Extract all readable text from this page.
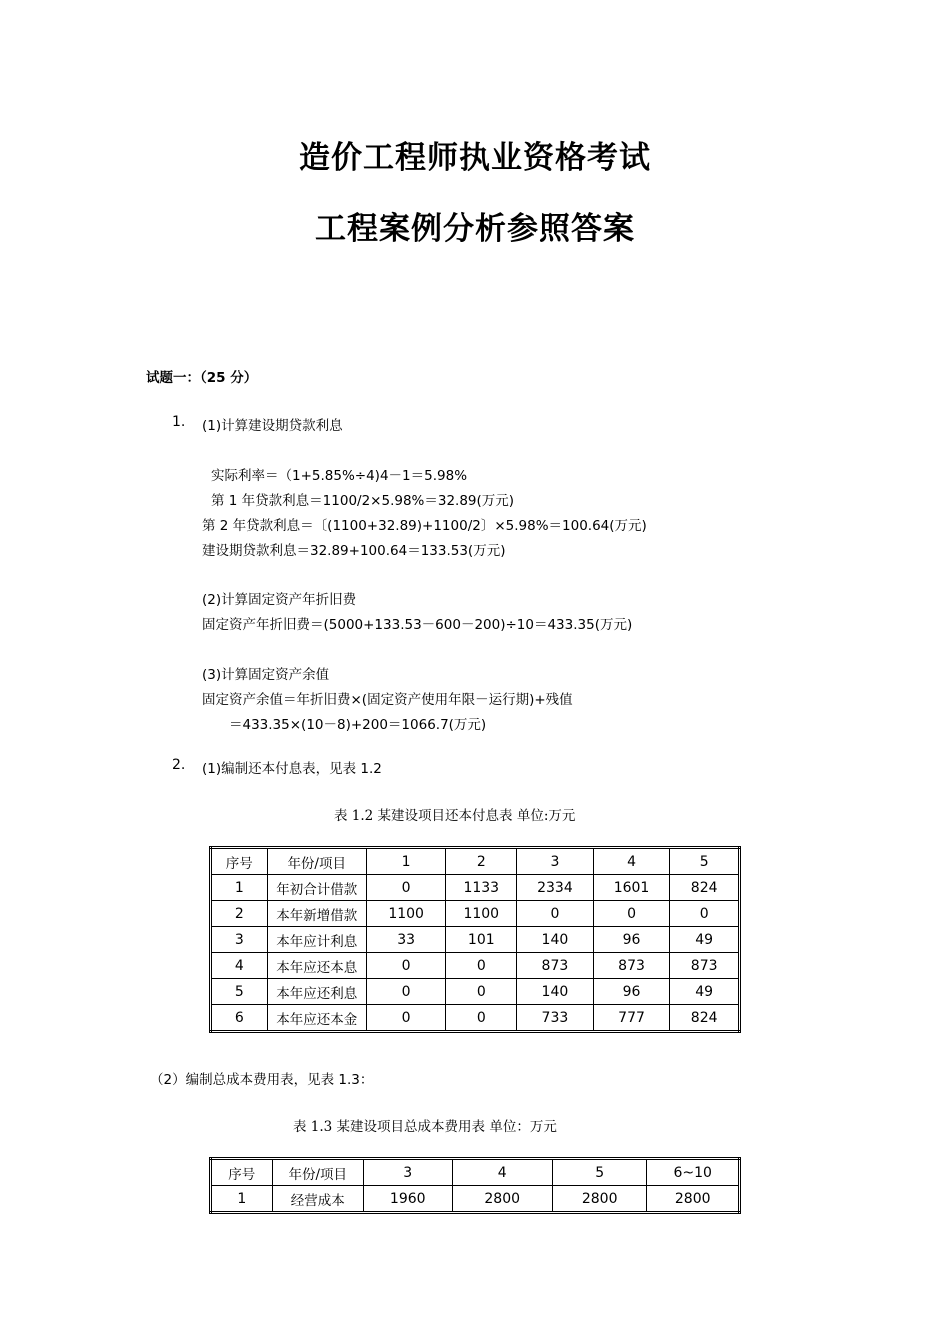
造价工程师执业资格考试
工程案例分析参照答案
试题一：（25 分）
1. (1)计算建设期贷款利息
实际利率＝（1+5.85%÷4)4－1＝5.98%
第 1 年贷款利息＝1100/2×5.98%＝32.89(万元)
第 2 年贷款利息＝〔(1100+32.89)+1100/2〕×5.98%＝100.64(万元)
建设期贷款利息＝32.89+100.64＝133.53(万元)
(2)计算固定资产年折旧费
固定资产年折旧费＝(5000+133.53－600－200)÷10＝433.35(万元)
(3)计算固定资产余值
固定资产余值＝年折旧费×(固定资产使用年限－运行期)+残值
＝433.35×(10－8)+200＝1066.7(万元)
2. (1)编制还本付息表，见表 1.2
表 1.2 某建设项目还本付息表 单位:万元
序号	年份/项目	1	2	3	4	5
1	年初合计借款	0	1133	2334	1601	824
2	本年新增借款	1100	1100	0	0	0
3	本年应计利息	33	101	140	96	49
4	本年应还本息	0	0	873	873	873
5	本年应还利息	0	0	140	96	49
6	本年应还本金	0	0	733	777	824
（2）编制总成本费用表，见表 1.3：
表 1.3 某建设项目总成本费用表 单位：万元
序号	年份/项目	3	4	5	6~10
1	经营成本	1960	2800	2800	2800
